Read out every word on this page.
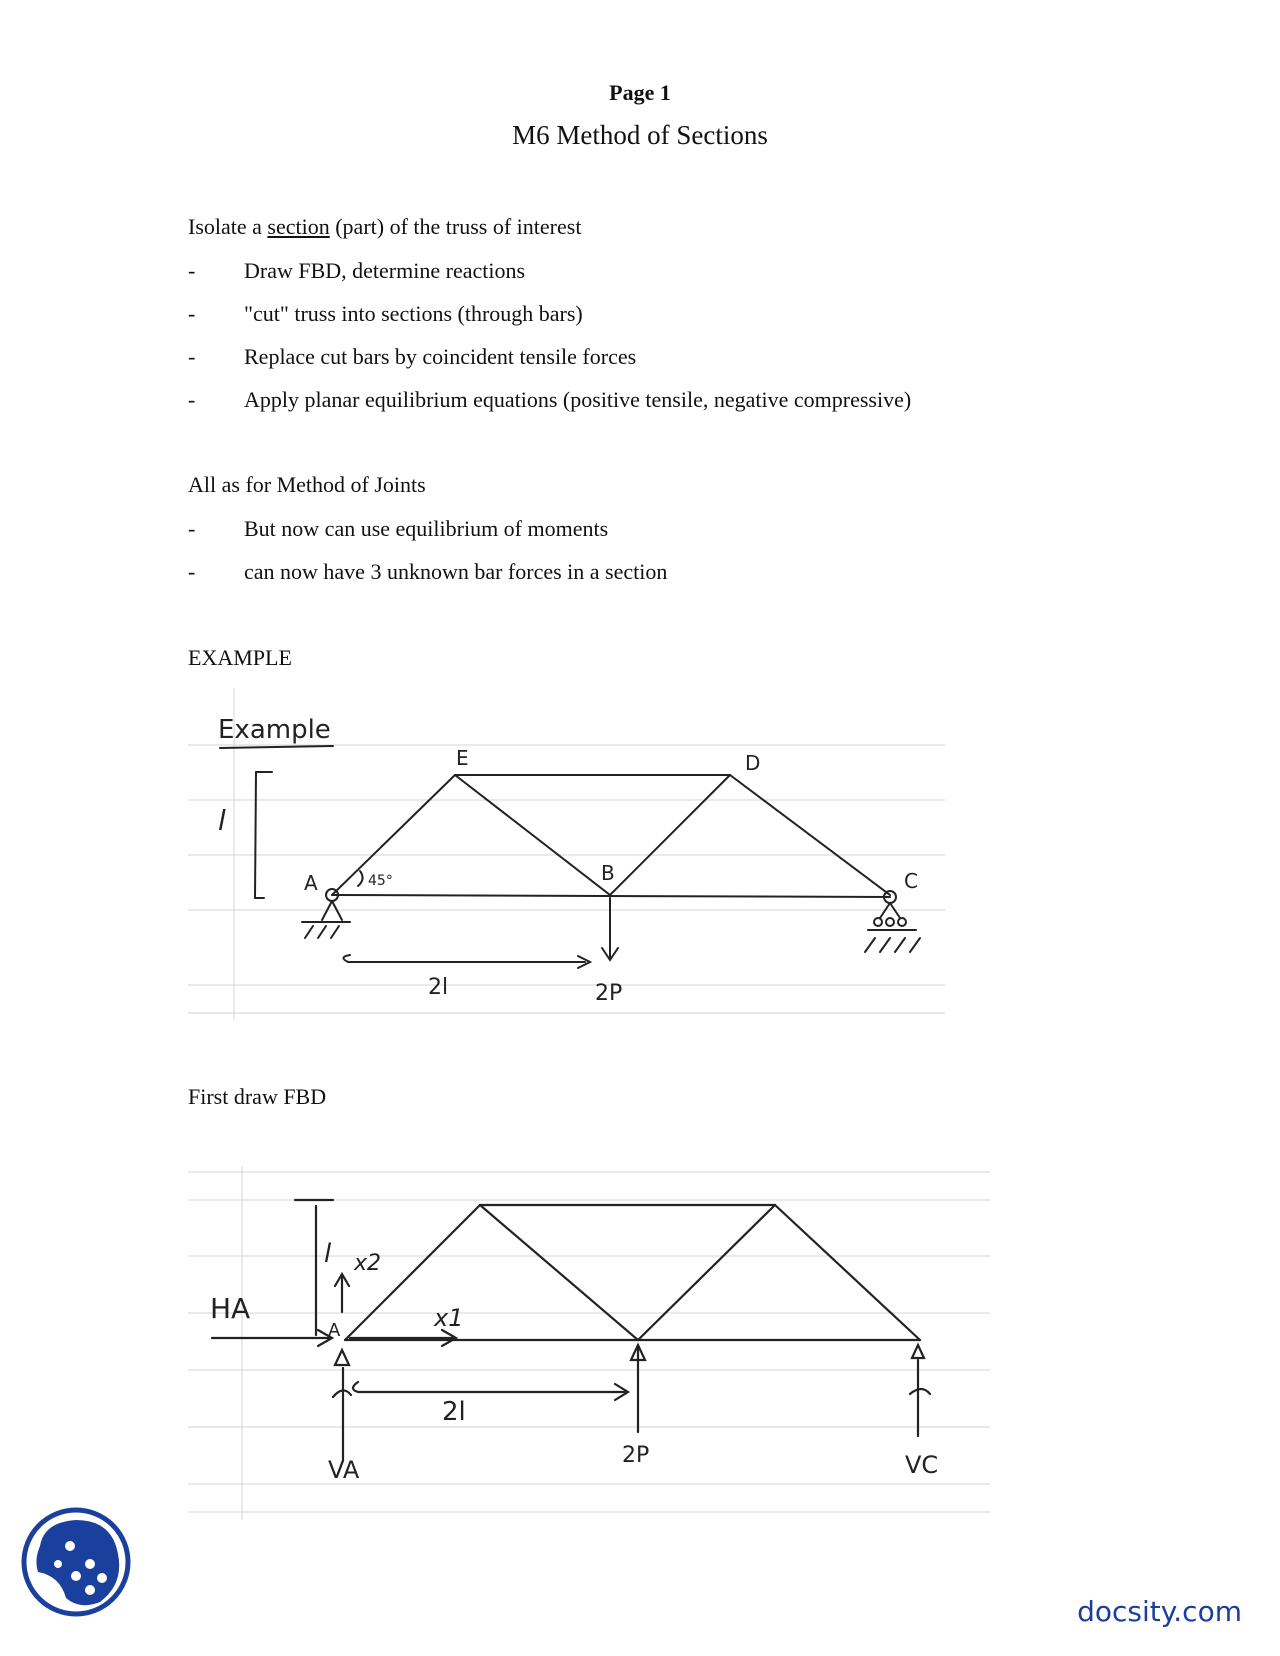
Page 1
M6 Method of Sections
Isolate a section (part) of the truss of interest
- Draw FBD, determine reactions
- "cut" truss into sections (through bars)
- Replace cut bars by coincident tensile forces
- Apply planar equilibrium equations (positive tensile, negative compressive)
All as for Method of Joints
- But now can use equilibrium of moments
- can now have 3 unknown bar forces in a section
EXAMPLE
Example
l
A	B	C
D
E
45°
2l	2P
First draw FBD
HA
A
l
x1
x2
2l
2P
VA	VC
docsity.com
